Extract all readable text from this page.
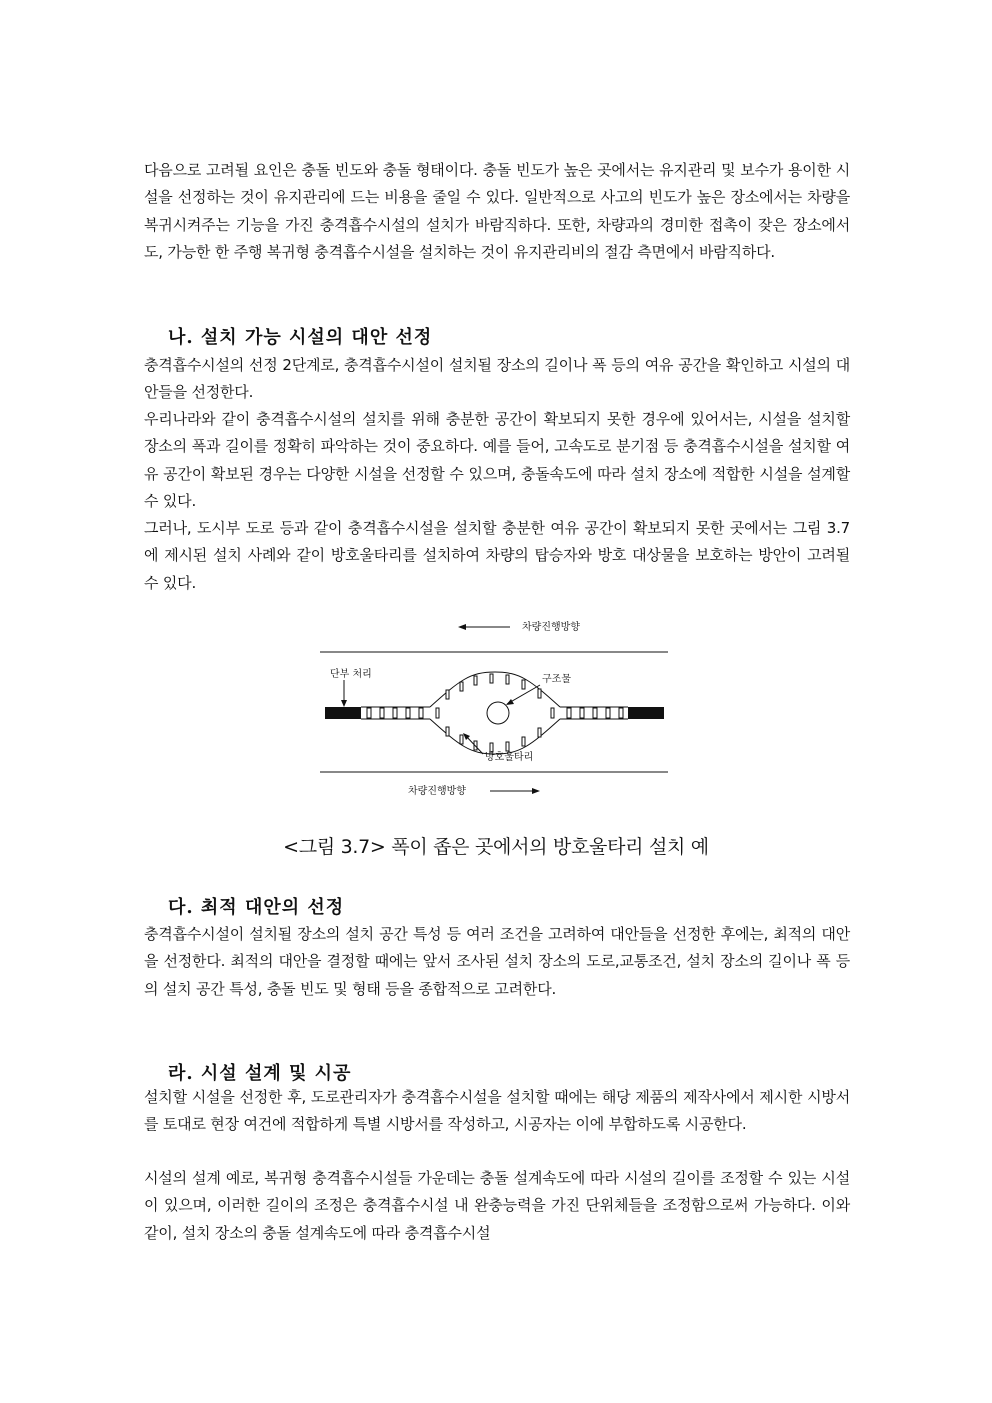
다음으로 고려될 요인은 충돌 빈도와 충돌 형태이다. 충돌 빈도가 높은 곳에서는 유지관리 및 보수가 용이한 시설을 선정하는 것이 유지관리에 드는 비용을 줄일 수 있다. 일반적으로 사고의 빈도가 높은 장소에서는 차량을 복귀시켜주는 기능을 가진 충격흡수시설의 설치가 바람직하다. 또한, 차량과의 경미한 접촉이 잦은 장소에서도, 가능한 한 주행 복귀형 충격흡수시설을 설치하는 것이 유지관리비의 절감 측면에서 바람직하다.

나. 설치 가능 시설의 대안 선정

충격흡수시설의 선정 2단계로, 충격흡수시설이 설치될 장소의 길이나 폭 등의 여유 공간을 확인하고 시설의 대안들을 선정한다.

우리나라와 같이 충격흡수시설의 설치를 위해 충분한 공간이 확보되지 못한 경우에 있어서는, 시설을 설치할 장소의 폭과 길이를 정확히 파악하는 것이 중요하다. 예를 들어, 고속도로 분기점 등 충격흡수시설을 설치할 여유 공간이 확보된 경우는 다양한 시설을 선정할 수 있으며, 충돌속도에 따라 설치 장소에 적합한 시설을 설계할 수 있다.

그러나, 도시부 도로 등과 같이 충격흡수시설을 설치할 충분한 여유 공간이 확보되지 못한 곳에서는 그림 3.7에 제시된 설치 사례와 같이 방호울타리를 설치하여 차량의 탑승자와 방호 대상물을 보호하는 방안이 고려될 수 있다.

차량진행방향
단부 처리	구조물
방호울타리
차량진행방향

<그림 3.7> 폭이 좁은 곳에서의 방호울타리 설치 예

다. 최적 대안의 선정

충격흡수시설이 설치될 장소의 설치 공간 특성 등 여러 조건을 고려하여 대안들을 선정한 후에는, 최적의 대안을 선정한다. 최적의 대안을 결정할 때에는 앞서 조사된 설치 장소의 도로,교통조건, 설치 장소의 길이나 폭 등의 설치 공간 특성, 충돌 빈도 및 형태 등을 종합적으로 고려한다.

라. 시설 설계 및 시공

설치할 시설을 선정한 후, 도로관리자가 충격흡수시설을 설치할 때에는 해당 제품의 제작사에서 제시한 시방서를 토대로 현장 여건에 적합하게 특별 시방서를 작성하고, 시공자는 이에 부합하도록 시공한다.

시설의 설계 예로, 복귀형 충격흡수시설들 가운데는 충돌 설계속도에 따라 시설의 길이를 조정할 수 있는 시설이 있으며, 이러한 길이의 조정은 충격흡수시설 내 완충능력을 가진 단위체들을 조정함으로써 가능하다. 이와 같이, 설치 장소의 충돌 설계속도에 따라 충격흡수시설
